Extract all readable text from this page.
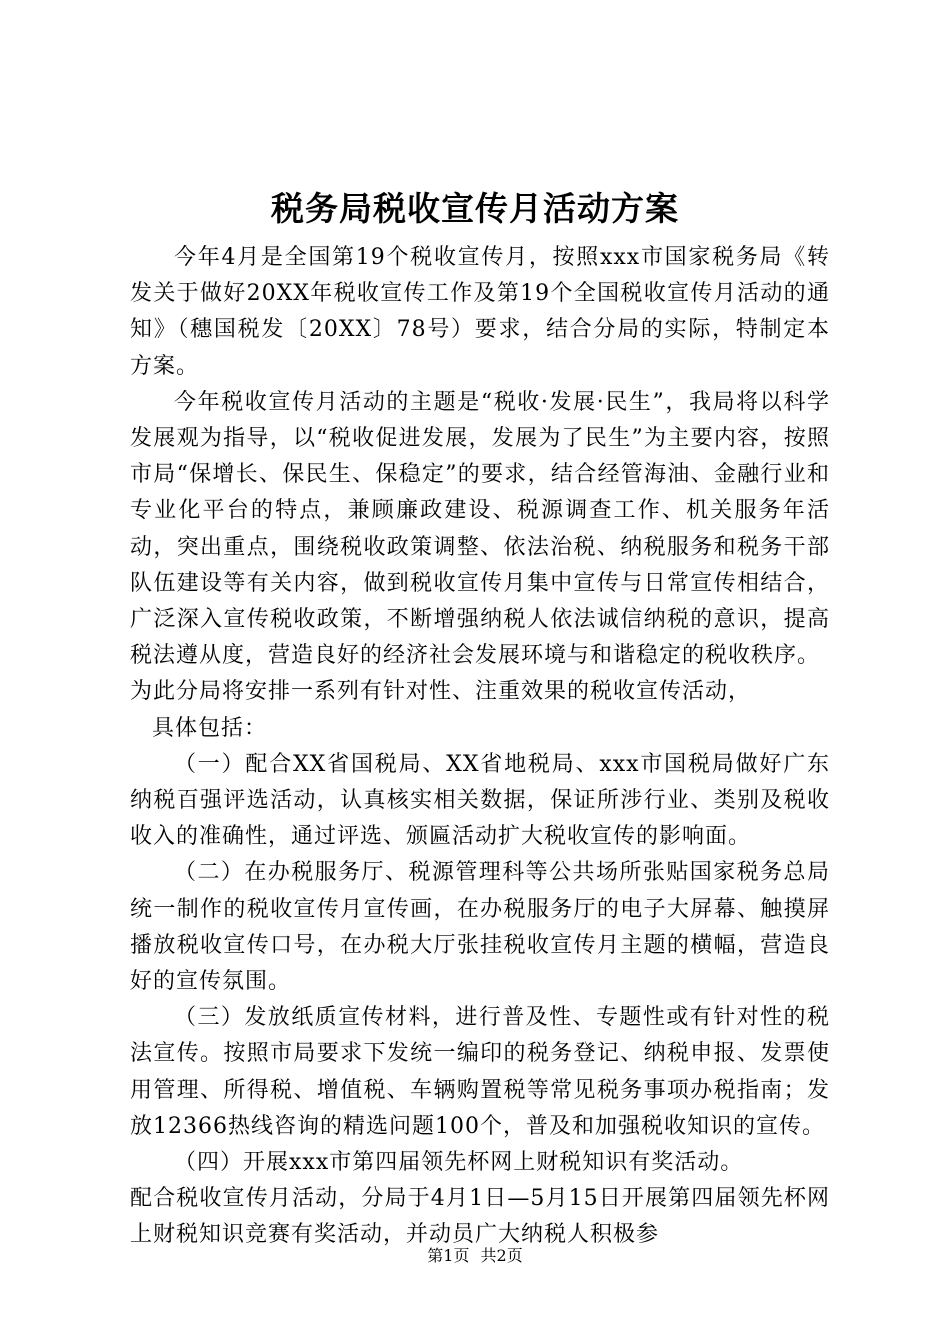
税务局税收宣传月活动方案

今年4月是全国第19个税收宣传月，按照xxx市国家税务局《转发关于做好20XX年税收宣传工作及第19个全国税收宣传月活动的通知》（穗国税发〔20XX〕78号）要求，结合分局的实际，特制定本方案。

今年税收宣传月活动的主题是“税收·发展·民生”，我局将以科学发展观为指导，以“税收促进发展，发展为了民生”为主要内容，按照市局“保增长、保民生、保稳定”的要求，结合经管海油、金融行业和专业化平台的特点，兼顾廉政建设、税源调查工作、机关服务年活动，突出重点，围绕税收政策调整、依法治税、纳税服务和税务干部队伍建设等有关内容，做到税收宣传月集中宣传与日常宣传相结合，广泛深入宣传税收政策，不断增强纳税人依法诚信纳税的意识，提高税法遵从度，营造良好的经济社会发展环境与和谐稳定的税收秩序。

为此分局将安排一系列有针对性、注重效果的税收宣传活动，

具体包括：

（一）配合XX省国税局、XX省地税局、xxx市国税局做好广东纳税百强评选活动，认真核实相关数据，保证所涉行业、类别及税收收入的准确性，通过评选、颁匾活动扩大税收宣传的影响面。

（二）在办税服务厅、税源管理科等公共场所张贴国家税务总局统一制作的税收宣传月宣传画，在办税服务厅的电子大屏幕、触摸屏播放税收宣传口号，在办税大厅张挂税收宣传月主题的横幅，营造良好的宣传氛围。

（三）发放纸质宣传材料，进行普及性、专题性或有针对性的税法宣传。按照市局要求下发统一编印的税务登记、纳税申报、发票使用管理、所得税、增值税、车辆购置税等常见税务事项办税指南；发放12366热线咨询的精选问题100个，普及和加强税收知识的宣传。

（四）开展xxx市第四届领先杯网上财税知识有奖活动。

配合税收宣传月活动，分局于4月1日—5月15日开展第四届领先杯网上财税知识竞赛有奖活动，并动员广大纳税人积极参

第1页 共2页
